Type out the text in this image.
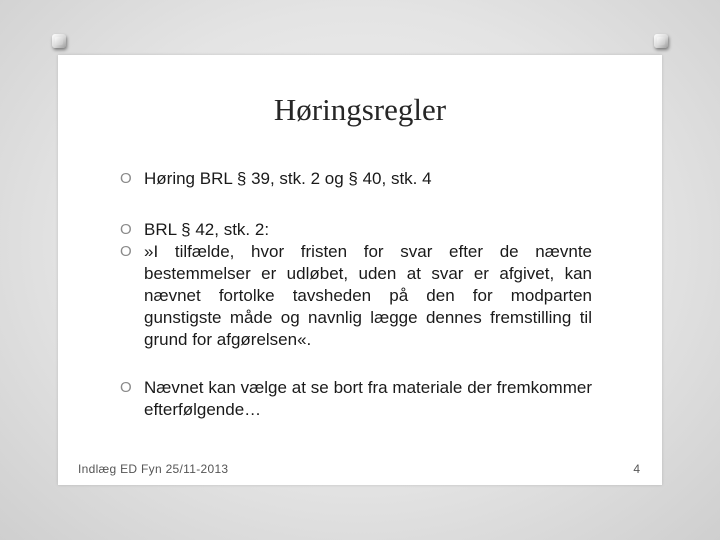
Høringsregler
O Høring BRL § 39, stk. 2 og § 40, stk. 4
O BRL § 42, stk. 2:
O »I tilfælde, hvor fristen for svar efter de nævnte bestemmelser er udløbet, uden at svar er afgivet, kan nævnet fortolke tavsheden på den for modparten gunstigste måde og navnlig lægge dennes fremstilling til grund for afgørelsen«.
O Nævnet kan vælge at se bort fra materiale der fremkommer efterfølgende…
Indlæg ED Fyn 25/11-2013	4
